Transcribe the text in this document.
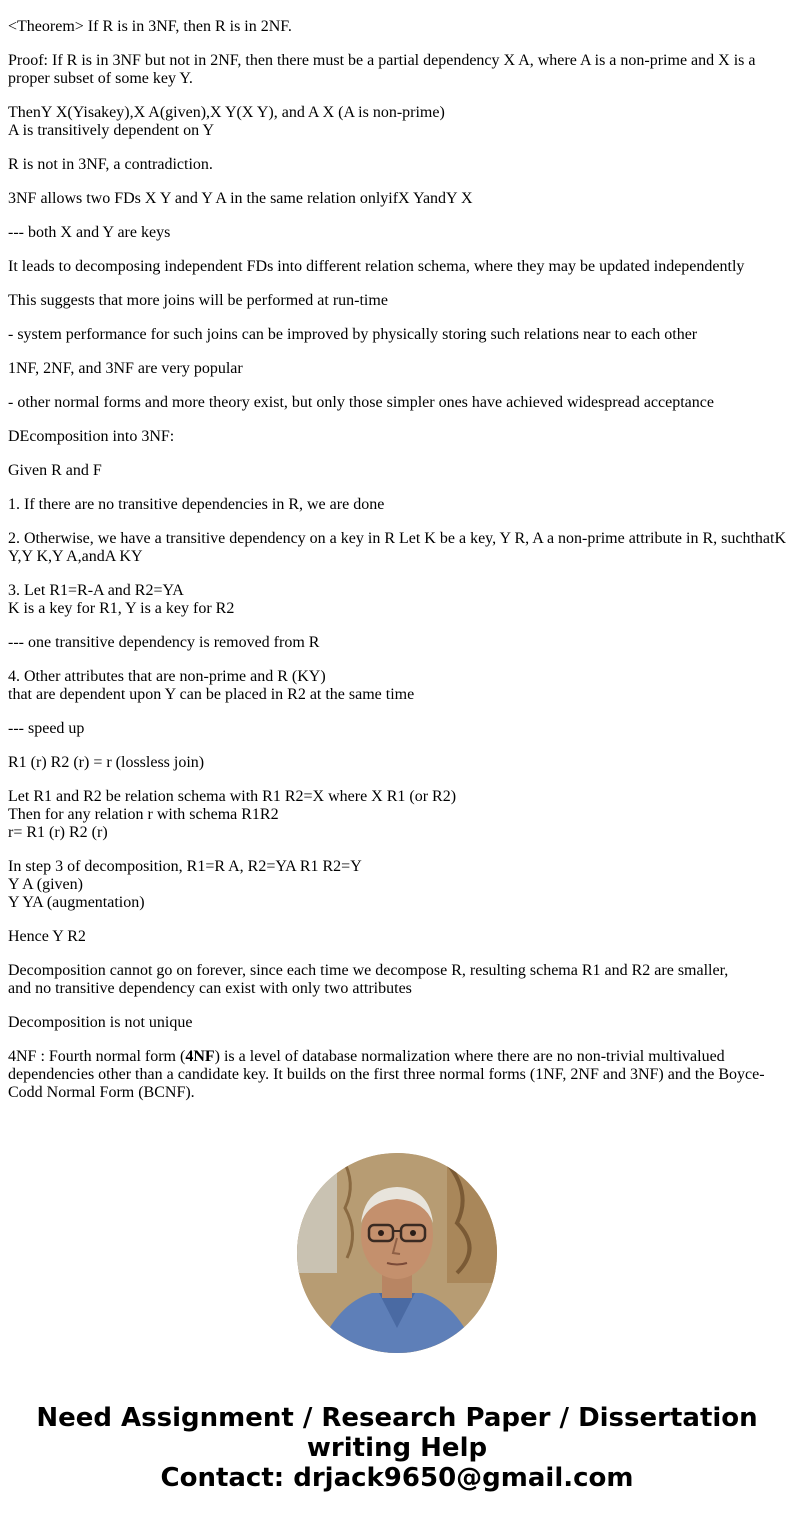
<Theorem> If R is in 3NF, then R is in 2NF.

Proof: If R is in 3NF but not in 2NF, then there must be a partial dependency X A, where A is a non-prime and X is a
proper subset of some key Y.

ThenY X(Yisakey),X A(given),X Y(X Y), and A X (A is non-prime)
A is transitively dependent on Y

R is not in 3NF, a contradiction.

3NF allows two FDs X Y and Y A in the same relation onlyifX YandY X

--- both X and Y are keys

It leads to decomposing independent FDs into different relation schema, where they may be updated independently

This suggests that more joins will be performed at run-time

- system performance for such joins can be improved by physically storing such relations near to each other

1NF, 2NF, and 3NF are very popular

- other normal forms and more theory exist, but only those simpler ones have achieved widespread acceptance

DEcomposition into 3NF:

Given R and F

1. If there are no transitive dependencies in R, we are done

2. Otherwise, we have a transitive dependency on a key in R Let K be a key, Y R, A a non-prime attribute in R, suchthatK
Y,Y K,Y A,andA KY

3. Let R1=R-A and R2=YA
K is a key for R1, Y is a key for R2

--- one transitive dependency is removed from R

4. Other attributes that are non-prime and R (KY)
that are dependent upon Y can be placed in R2 at the same time

--- speed up

R1 (r) R2 (r) = r (lossless join)

Let R1 and R2 be relation schema with R1 R2=X where X R1 (or R2)
Then for any relation r with schema R1R2
r= R1 (r) R2 (r)

In step 3 of decomposition, R1=R A, R2=YA R1 R2=Y
Y A (given)
Y YA (augmentation)

Hence Y R2

Decomposition cannot go on forever, since each time we decompose R, resulting schema R1 and R2 are smaller,
and no transitive dependency can exist with only two attributes

Decomposition is not unique

4NF : Fourth normal form (4NF) is a level of database normalization where there are no non-trivial multivalued
dependencies other than a candidate key. It builds on the first three normal forms (1NF, 2NF and 3NF) and the Boyce-
Codd Normal Form (BCNF).

Need Assignment / Research Paper / Dissertation
writing Help
Contact: drjack9650@gmail.com
